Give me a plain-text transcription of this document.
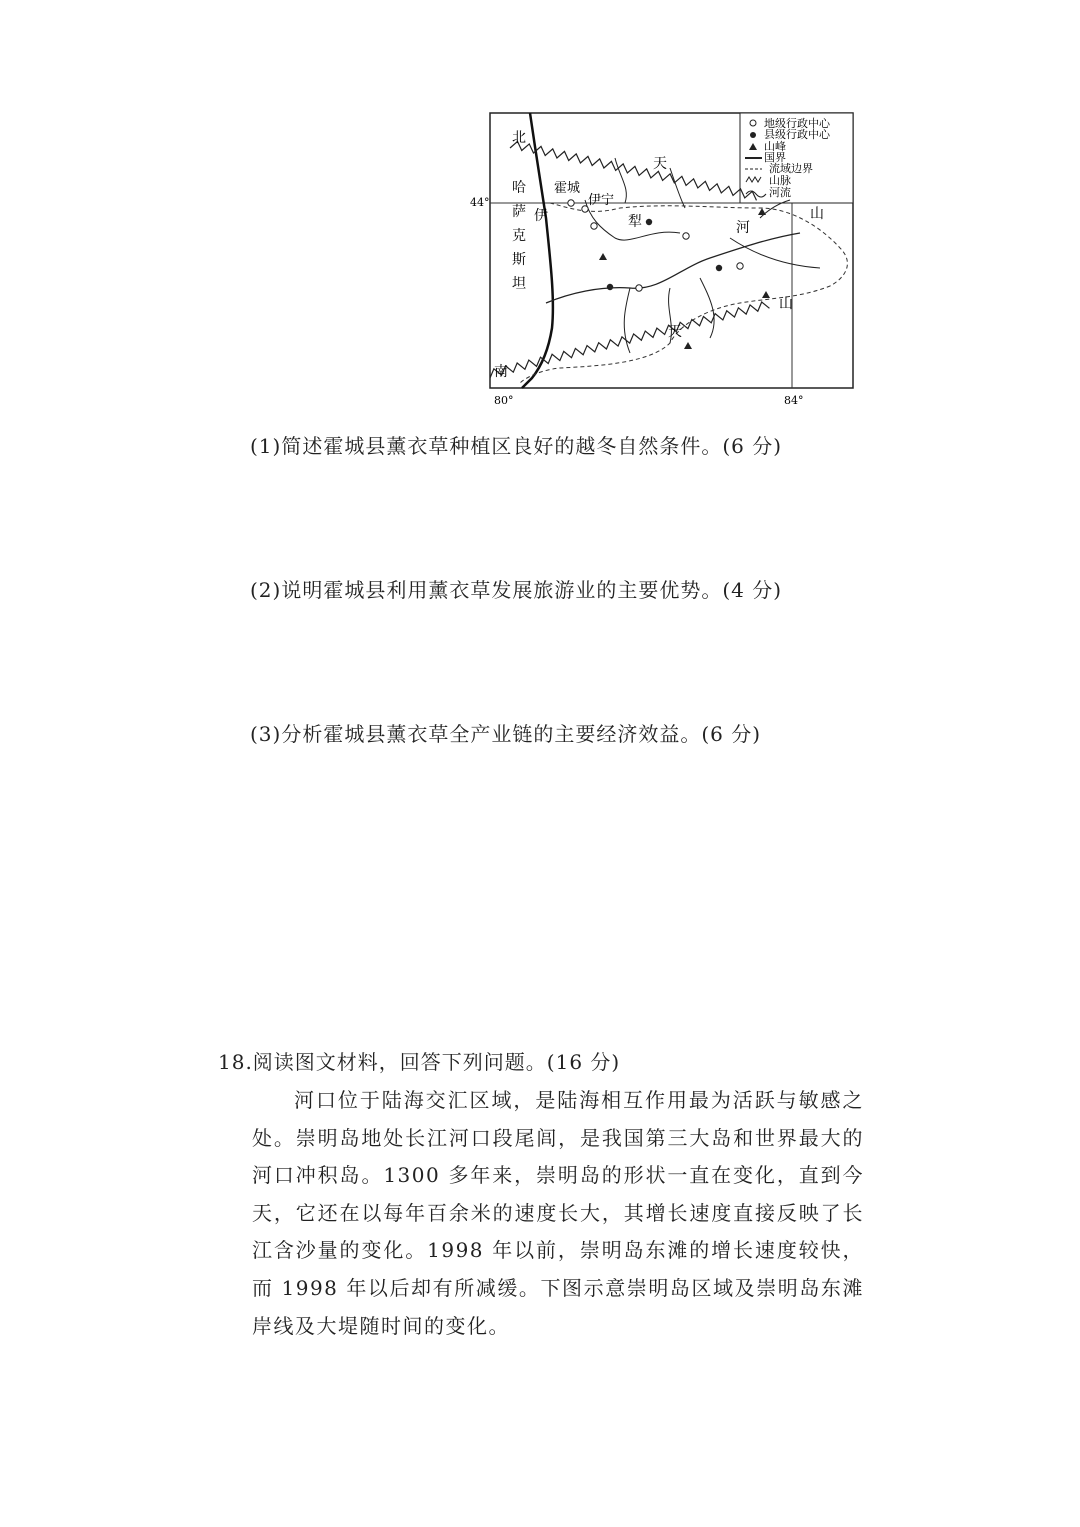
地级行政中心
县级行政中心
山峰
国界
流域边界
山脉
河流
北
哈
萨
克
斯
坦
霍城
伊宁
伊	犁	河
天
山
天
山
南
44°
80°	84°
(1)简述霍城县薰衣草种植区良好的越冬自然条件。(6 分)
(2)说明霍城县利用薰衣草发展旅游业的主要优势。(4 分)
(3)分析霍城县薰衣草全产业链的主要经济效益。(6 分)
18.阅读图文材料，回答下列问题。(16 分)
河口位于陆海交汇区域，是陆海相互作用最为活跃与敏感之
处。崇明岛地处长江河口段尾闾，是我国第三大岛和世界最大的
河口冲积岛。1300 多年来，崇明岛的形状一直在变化，直到今
天，它还在以每年百余米的速度长大，其增长速度直接反映了长
江含沙量的变化。1998 年以前，崇明岛东滩的增长速度较快，
而 1998 年以后却有所减缓。下图示意崇明岛区域及崇明岛东滩
岸线及大堤随时间的变化。
